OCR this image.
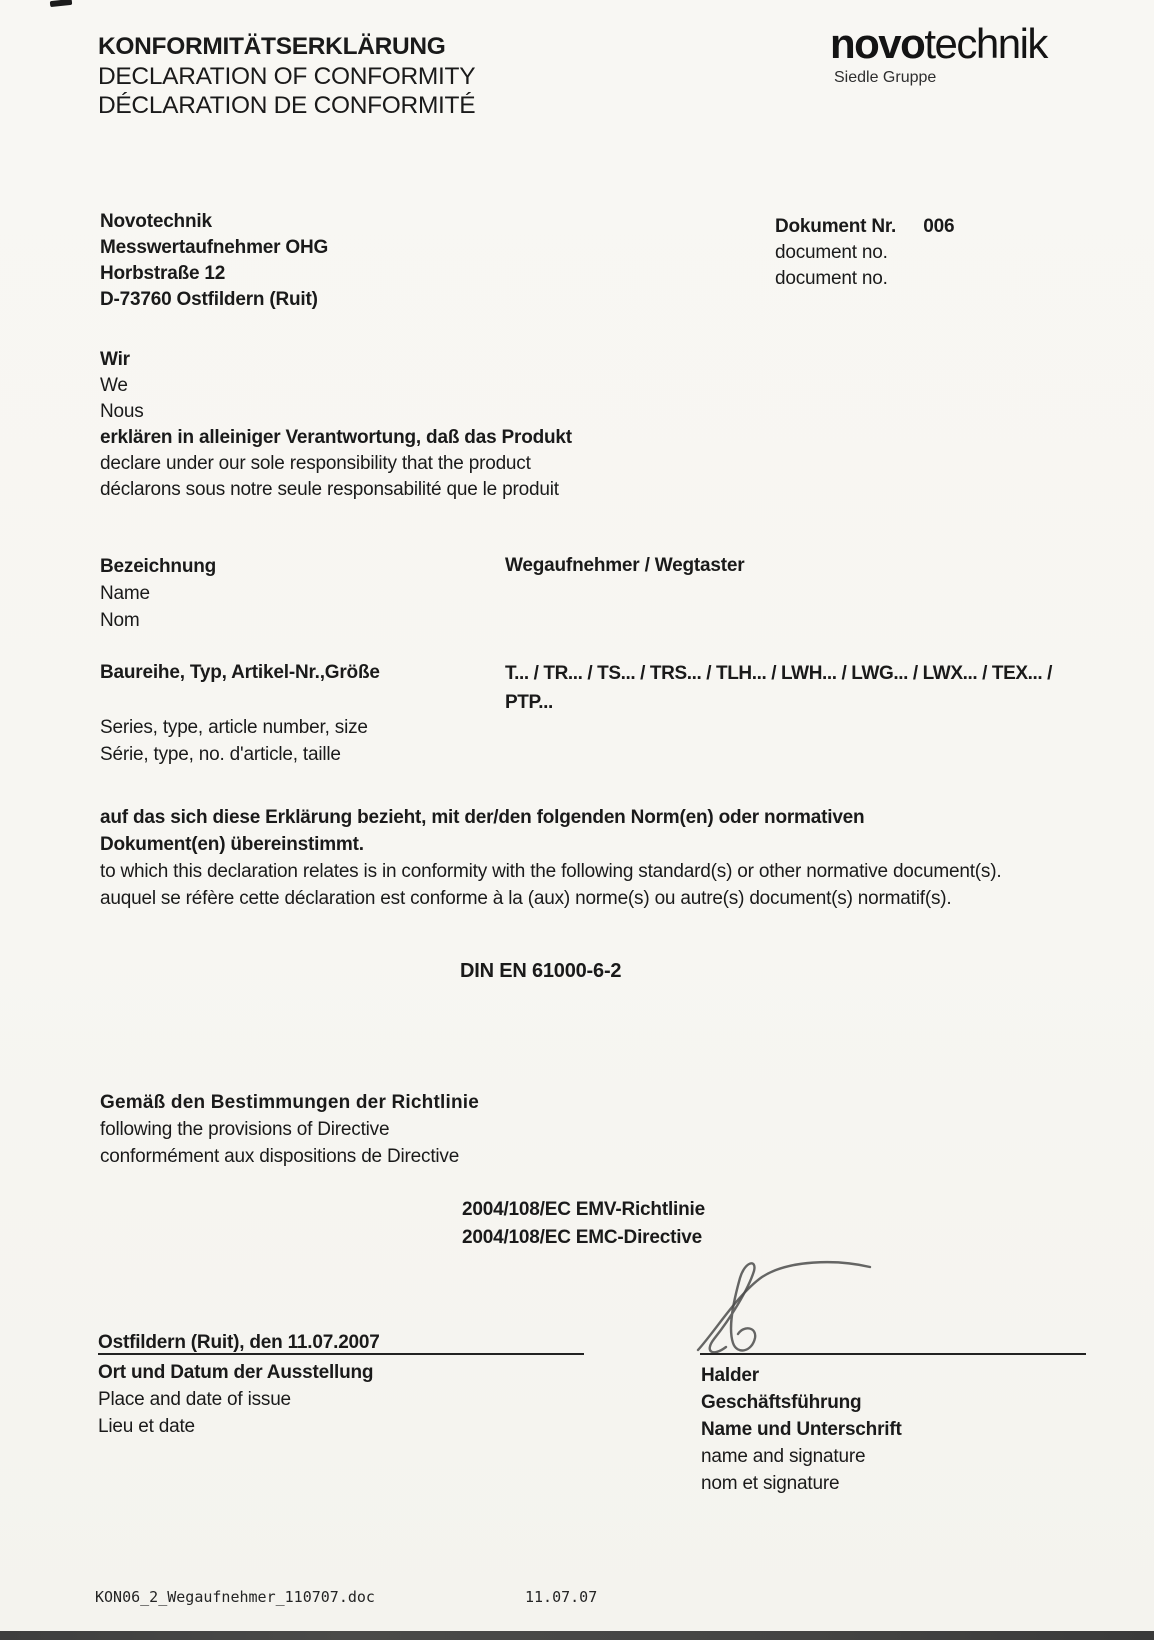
KONFORMITÄTSERKLÄRUNG
DECLARATION OF CONFORMITY
DÉCLARATION DE CONFORMITÉ
novotechnik
Siedle Gruppe
Novotechnik
Messwertaufnehmer OHG
Horbstraße 12
D-73760 Ostfildern (Ruit)
Dokument Nr. 006
document no.
document no.
Wir
We
Nous
erklären in alleiniger Verantwortung, daß das Produkt
declare under our sole responsibility that the product
déclarons sous notre seule responsabilité que le produit
Bezeichnung
Name
Nom
Wegaufnehmer / Wegtaster
Baureihe, Typ, Artikel-Nr.,Größe
Series, type, article number, size
Série, type, no. d'article, taille
T... / TR... / TS... / TRS... / TLH... / LWH... / LWG... / LWX... / TEX... /
PTP...
auf das sich diese Erklärung bezieht, mit der/den folgenden Norm(en) oder normativen
Dokument(en) übereinstimmt.
to which this declaration relates is in conformity with the following standard(s) or other normative document(s).
auquel se réfère cette déclaration est conforme à la (aux) norme(s) ou autre(s) document(s) normatif(s).
DIN EN 61000-6-2
Gemäß den Bestimmungen der Richtlinie
following the provisions of Directive
conformément aux dispositions de Directive
2004/108/EC EMV-Richtlinie
2004/108/EC EMC-Directive
Ostfildern (Ruit), den 11.07.2007
Ort und Datum der Ausstellung
Place and date of issue
Lieu et date
Halder
Geschäftsführung
Name und Unterschrift
name and signature
nom et signature
KON06_2_Wegaufnehmer_110707.doc	11.07.07
